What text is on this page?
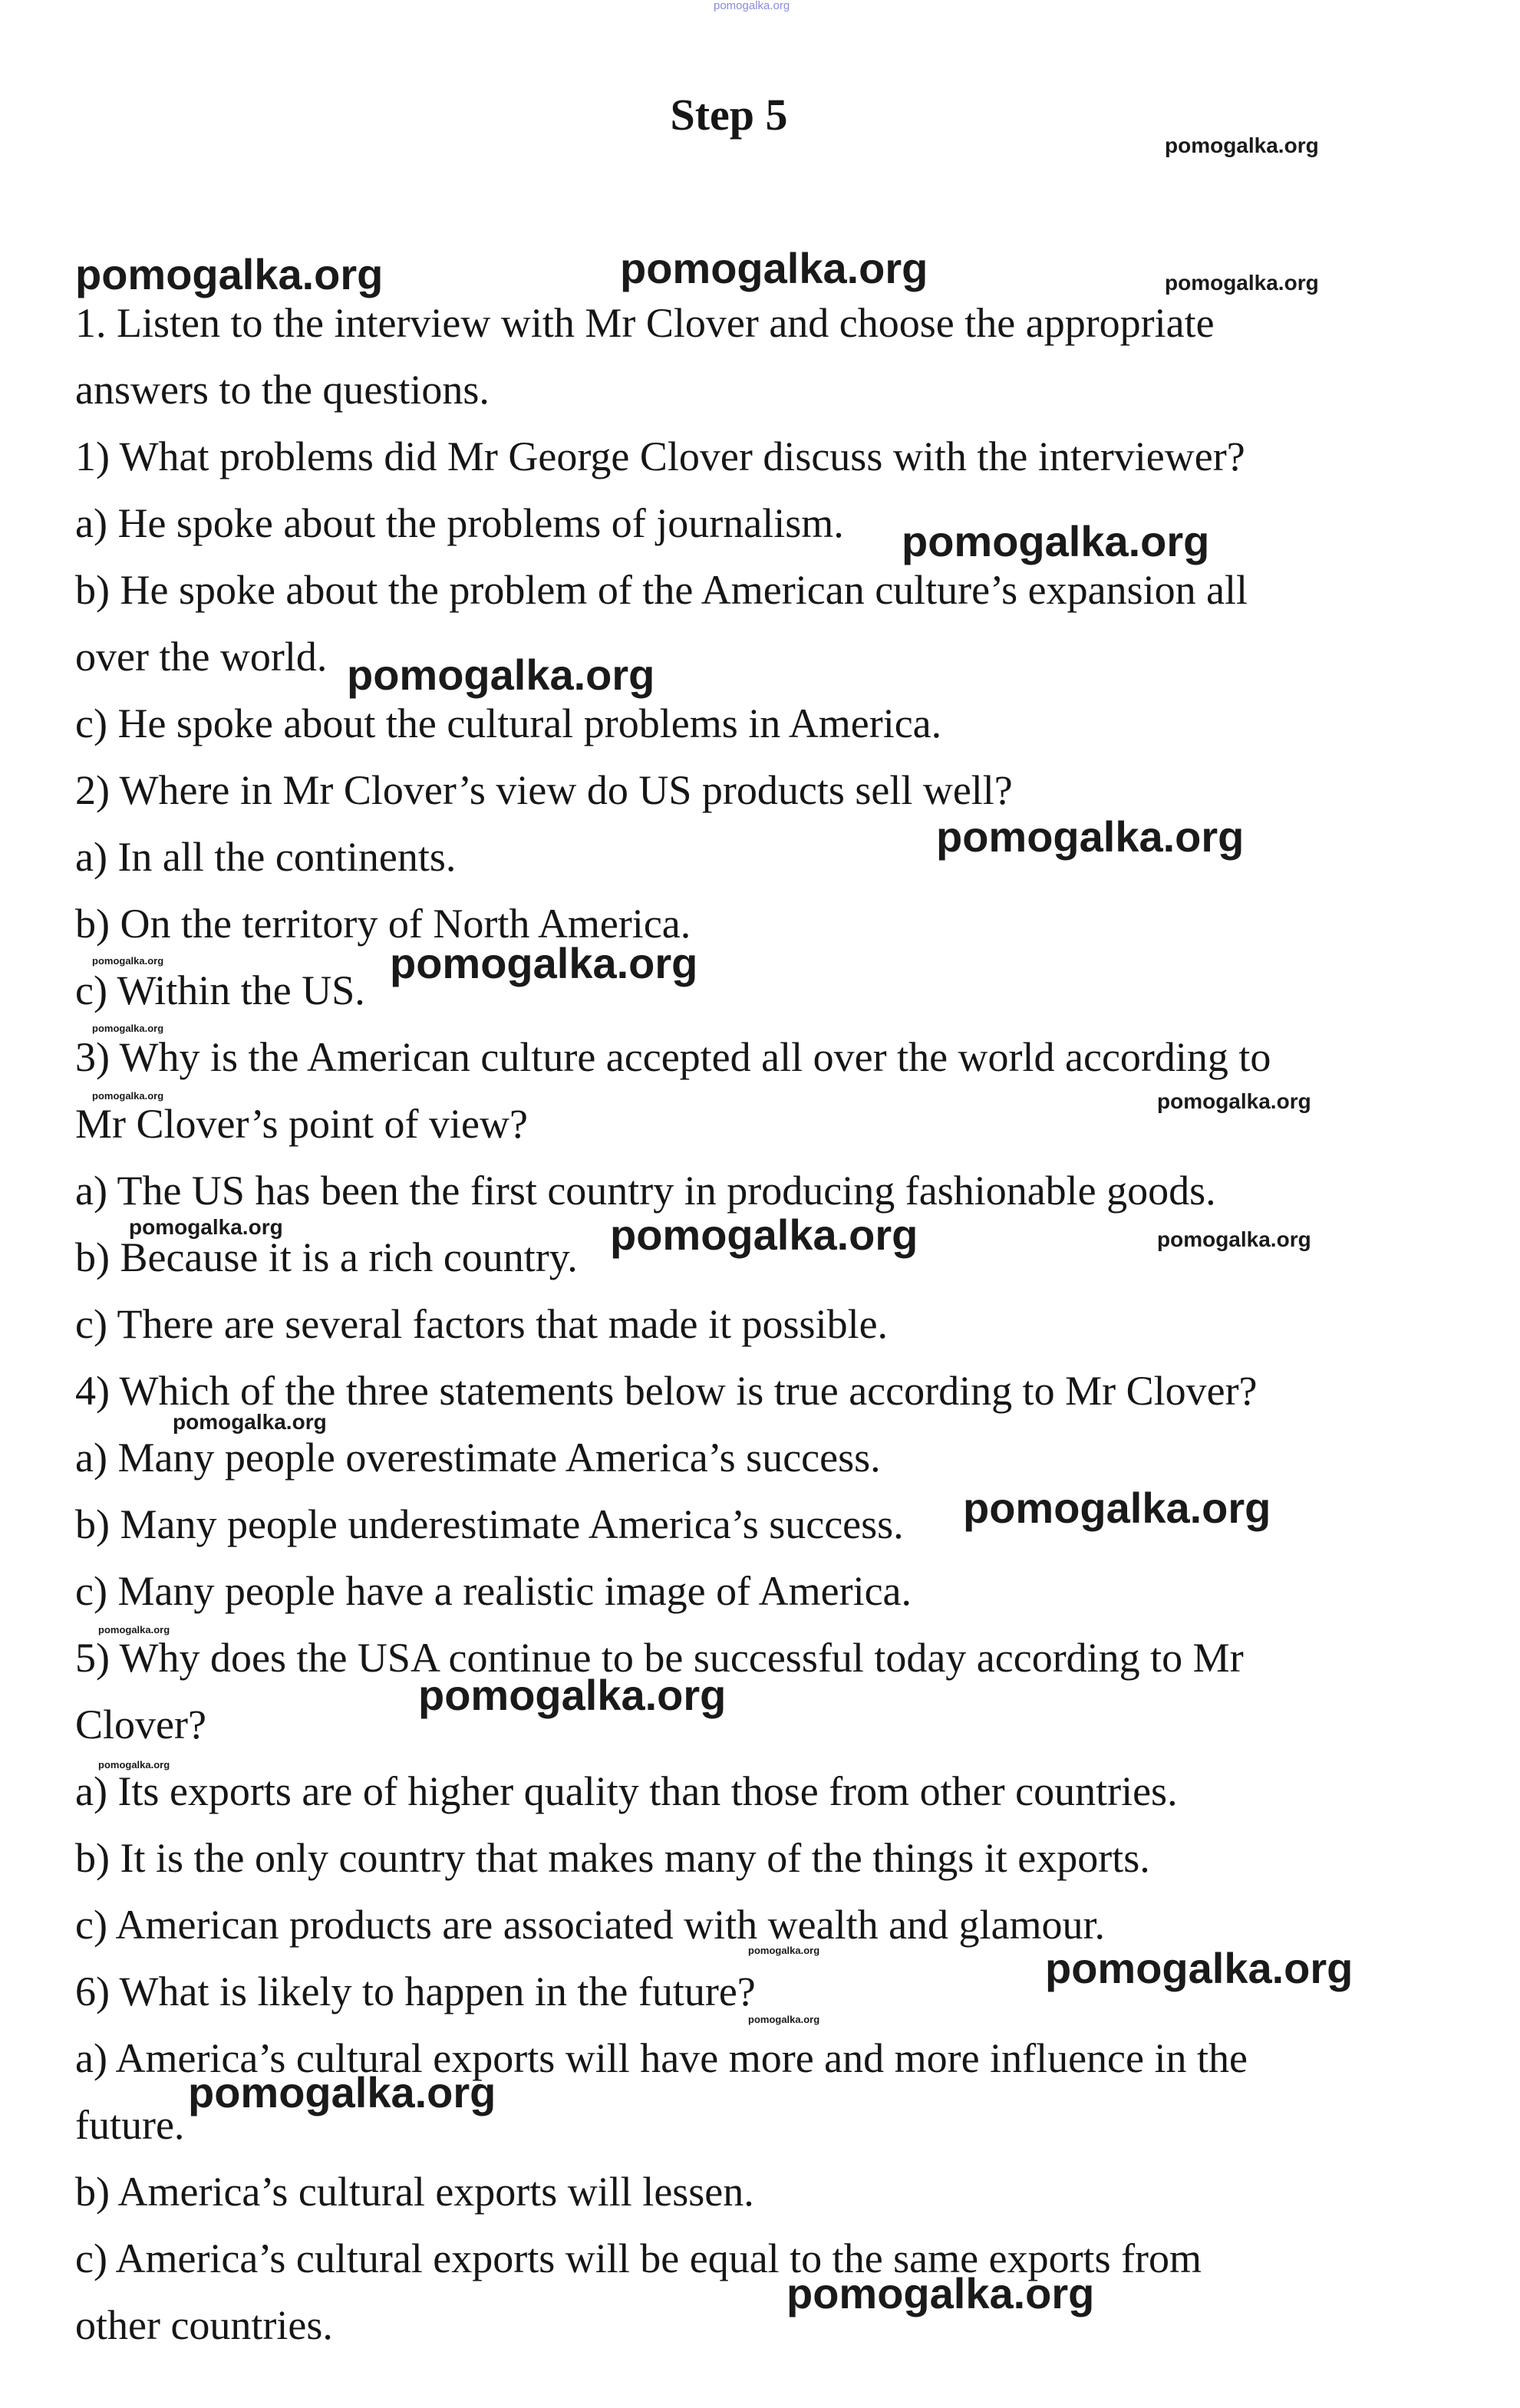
pomogalka.org
Step 5
1. Listen to the interview with Mr Clover and choose the appropriate
answers to the questions.
1) What problems did Mr George Clover discuss with the interviewer?
a) He spoke about the problems of journalism.
b) He spoke about the problem of the American culture’s expansion all
over the world.
c) He spoke about the cultural problems in America.
2) Where in Mr Clover’s view do US products sell well?
a) In all the continents.
b) On the territory of North America.
c) Within the US.
3) Why is the American culture accepted all over the world according to
Mr Clover’s point of view?
a) The US has been the first country in producing fashionable goods.
b) Because it is a rich country.
c) There are several factors that made it possible.
4) Which of the three statements below is true according to Mr Clover?
a) Many people overestimate America’s success.
b) Many people underestimate America’s success.
c) Many people have a realistic image of America.
5) Why does the USA continue to be successful today according to Mr
Clover?
a) Its exports are of higher quality than those from other countries.
b) It is the only country that makes many of the things it exports.
c) American products are associated with wealth and glamour.
6) What is likely to happen in the future?
a) America’s cultural exports will have more and more influence in the
future.
b) America’s cultural exports will lessen.
c) America’s cultural exports will be equal to the same exports from
other countries.
pomogalka.org	pomogalka.org
pomogalka.org
pomogalka.org
pomogalka.org
pomogalka.org
pomogalka.org
pomogalka.org
pomogalka.org
pomogalka.org
pomogalka.org
pomogalka.org
pomogalka.org
pomogalka.org
pomogalka.org
pomogalka.org
pomogalka.org
pomogalka.org
pomogalka.org
pomogalka.org
pomogalka.org
pomogalka.org
pomogalka.org
pomogalka.org
pomogalka.org
